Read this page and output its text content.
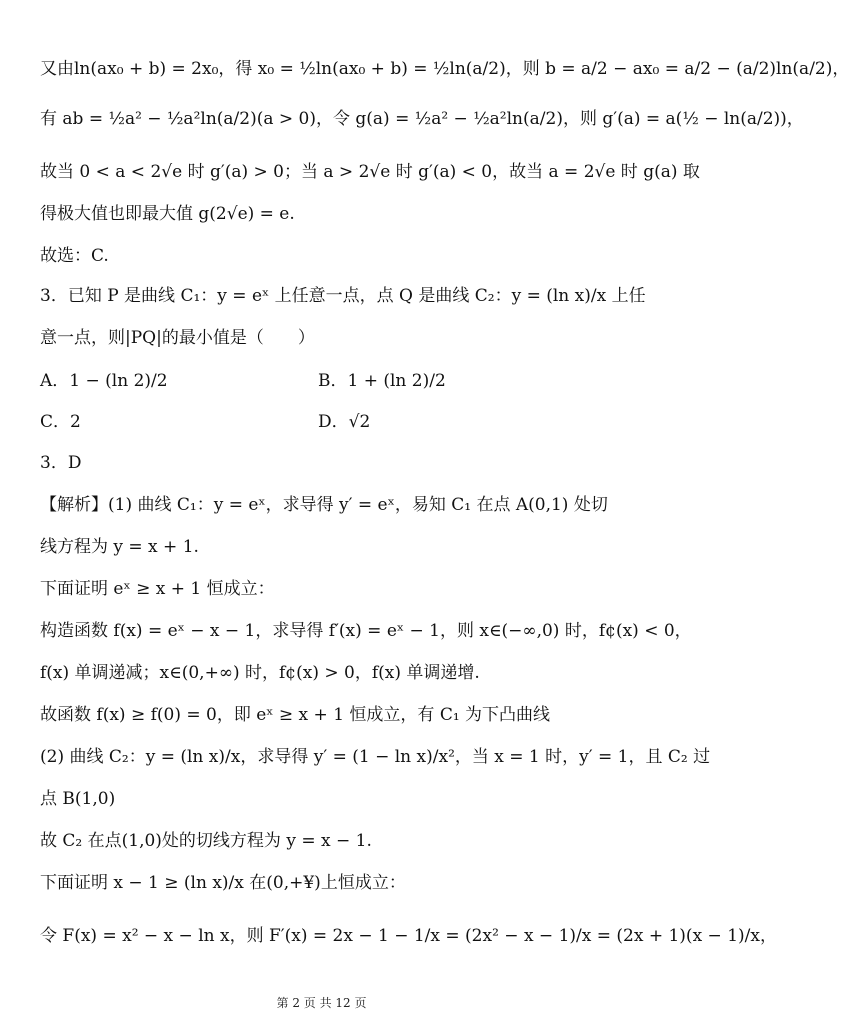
又由ln(ax₀ + b) = 2x₀，得 x₀ = ½ln(ax₀ + b) = ½ln(a/2)，则 b = a/2 − ax₀ = a/2 − (a/2)ln(a/2)，
有 ab = ½a² − ½a²ln(a/2)(a > 0)，令 g(a) = ½a² − ½a²ln(a/2)，则 g′(a) = a(½ − ln(a/2))，
故当 0 < a < 2√e 时 g′(a) > 0；当 a > 2√e 时 g′(a) < 0，故当 a = 2√e 时 g(a) 取
得极大值也即最大值 g(2√e) = e.
故选：C.
3．已知 P 是曲线 C₁：y = eˣ 上任意一点，点 Q 是曲线 C₂：y = (ln x)/x 上任
意一点，则|PQ|的最小值是（　　）
A．1 − (ln 2)/2	B．1 + (ln 2)/2
C．2	D．√2
3．D
【解析】(1) 曲线 C₁：y = eˣ，求导得 y′ = eˣ，易知 C₁ 在点 A(0,1) 处切
线方程为 y = x + 1.
下面证明 eˣ ≥ x + 1 恒成立：
构造函数 f(x) = eˣ − x − 1，求导得 f′(x) = eˣ − 1，则 x∈(−∞,0) 时，f¢(x) < 0，
f(x) 单调递减；x∈(0,+∞) 时，f¢(x) > 0，f(x) 单调递增.
故函数 f(x) ≥ f(0) = 0，即 eˣ ≥ x + 1 恒成立，有 C₁ 为下凸曲线
(2) 曲线 C₂：y = (ln x)/x，求导得 y′ = (1 − ln x)/x²，当 x = 1 时，y′ = 1，且 C₂ 过
点 B(1,0)
故 C₂ 在点(1,0)处的切线方程为 y = x − 1.
下面证明 x − 1 ≥ (ln x)/x 在(0,+¥)上恒成立：
令 F(x) = x² − x − ln x，则 F′(x) = 2x − 1 − 1/x = (2x² − x − 1)/x = (2x + 1)(x − 1)/x，
第 2 页 共 12 页
